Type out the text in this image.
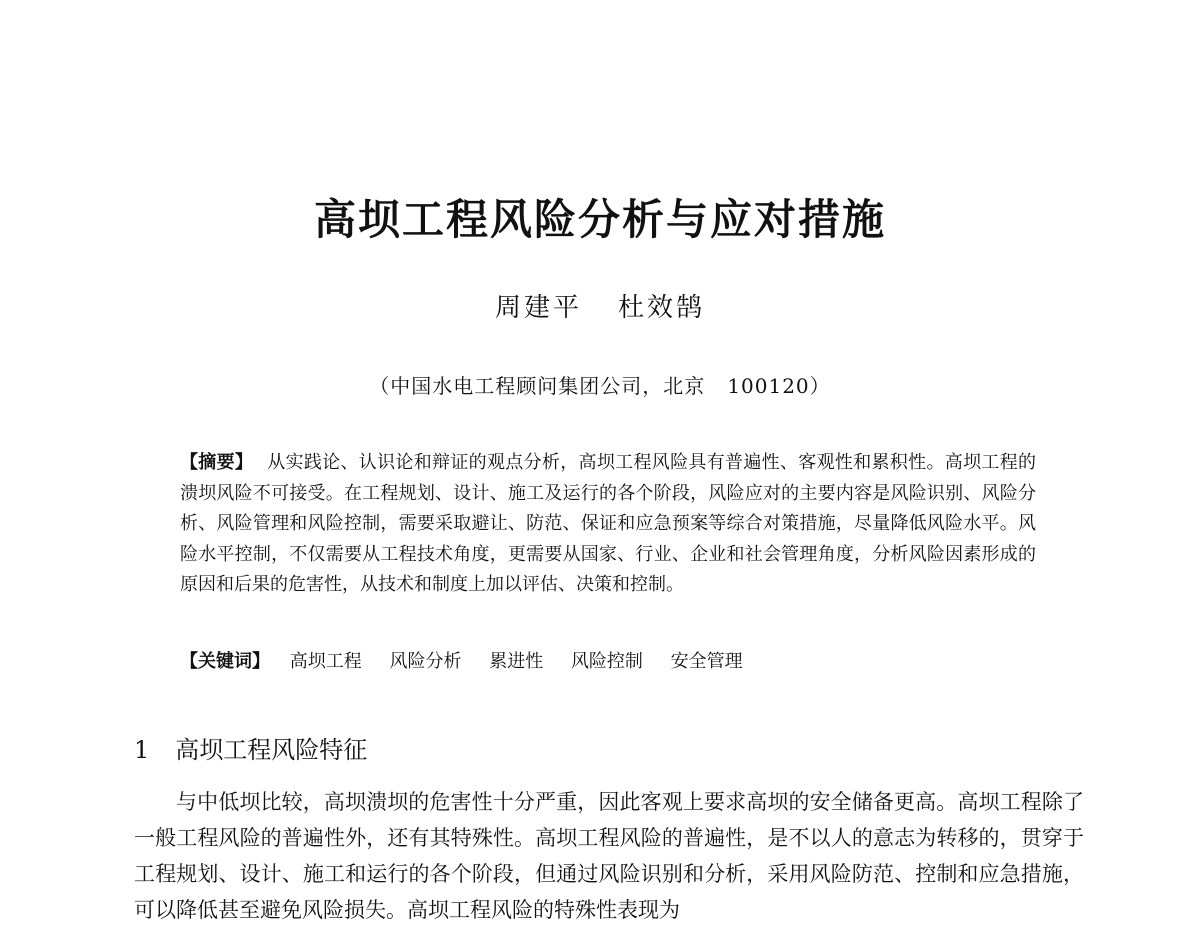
高坝工程风险分析与应对措施
周建平 杜效鹄
（中国水电工程顾问集团公司，北京 100120）
【摘要】 从实践论、认识论和辩证的观点分析，高坝工程风险具有普遍性、客观性和累积性。高坝工程的溃坝风险不可接受。在工程规划、设计、施工及运行的各个阶段，风险应对的主要内容是风险识别、风险分析、风险管理和风险控制，需要采取避让、防范、保证和应急预案等综合对策措施，尽量降低风险水平。风险水平控制，不仅需要从工程技术角度，更需要从国家、行业、企业和社会管理角度，分析风险因素形成的原因和后果的危害性，从技术和制度上加以评估、决策和控制。
【关键词】 高坝工程 风险分析 累进性 风险控制 安全管理
1 高坝工程风险特征
与中低坝比较，高坝溃坝的危害性十分严重，因此客观上要求高坝的安全储备更高。高坝工程除了一般工程风险的普遍性外，还有其特殊性。高坝工程风险的普遍性，是不以人的意志为转移的，贯穿于工程规划、设计、施工和运行的各个阶段，但通过风险识别和分析，采用风险防范、控制和应急措施，可以降低甚至避免风险损失。高坝工程风险的特殊性表现为
